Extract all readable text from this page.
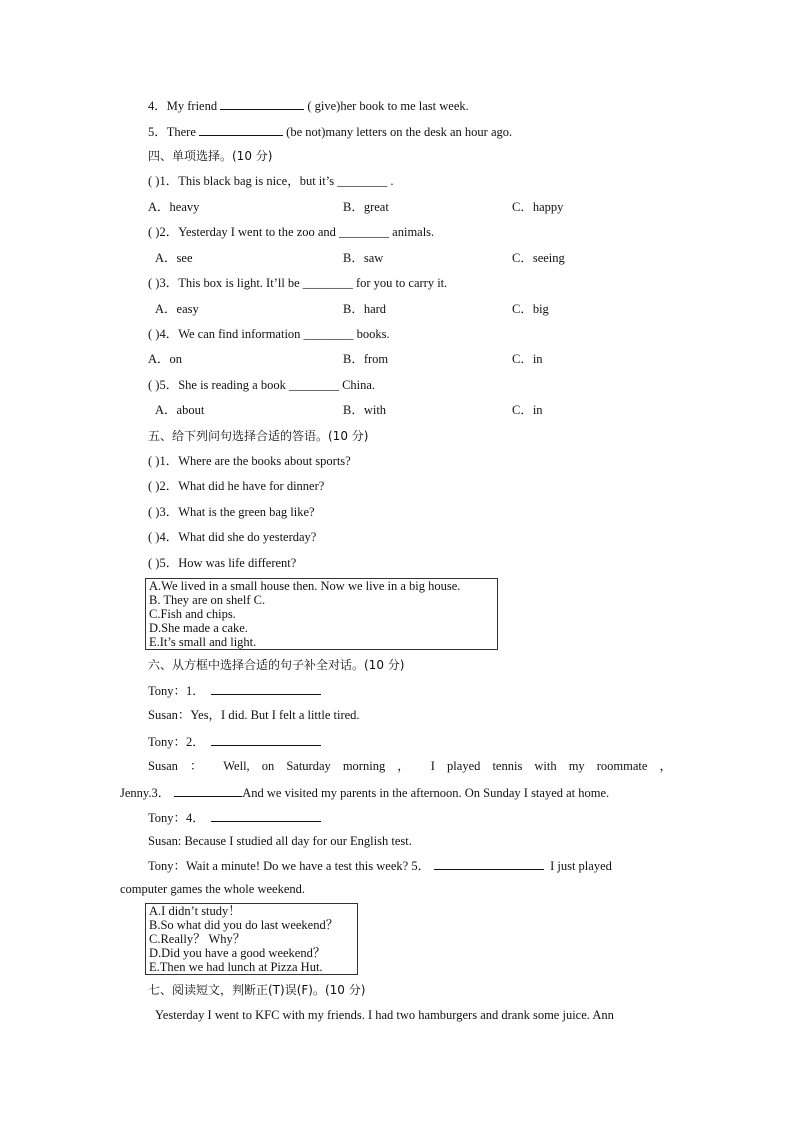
4．My friend	( give)her book to me last week.
5．There	(be not)many letters on the desk an hour ago.
四、单项选择。(10 分)
( )1．This black bag is nice，but it’s ________ .
A．heavy	B．great	C．happy
( )2．Yesterday I went to the zoo and ________ animals.
A．see	B．saw	C．seeing
( )3．This box is light. It’ll be ________ for you to carry it.
A．easy	B．hard	C．big
( )4．We can find information ________ books.
A．on	B．from	C．in
( )5．She is reading a book ________ China.
A．about	B．with	C．in
五、给下列问句选择合适的答语。(10 分)
( )1．Where are the books about sports?
( )2．What did he have for dinner?
( )3．What is the green bag like?
( )4．What did she do yesterday?
( )5．How was life different?
A.We lived in a small house then. Now we live in a big house.
B. They are on shelf C.
C.Fish and chips.
D.She made a cake.
E.It’s small and light.
六、从方框中选择合适的句子补全对话。(10 分)
Tony：1．
Susan：Yes，I did. But I felt a little tired.
Tony：2．
Susan ： Well, on Saturday morning ， I played tennis with my roommate ，
Jenny.3．	And we visited my parents in the afternoon. On Sunday I stayed at home.
Tony：4．
Susan: Because I studied all day for our English test.
Tony：Wait a minute! Do we have a test this week? 5．	I just played
computer games the whole weekend.
A.I didn’t study！
B.So what did you do last weekend？
C.Really？ Why？
D.Did you have a good weekend？
E.Then we had lunch at Pizza Hut.
七、阅读短文，判断正(T)误(F)。(10 分)
Yesterday I went to KFC with my friends. I had two hamburgers and drank some juice. Ann
